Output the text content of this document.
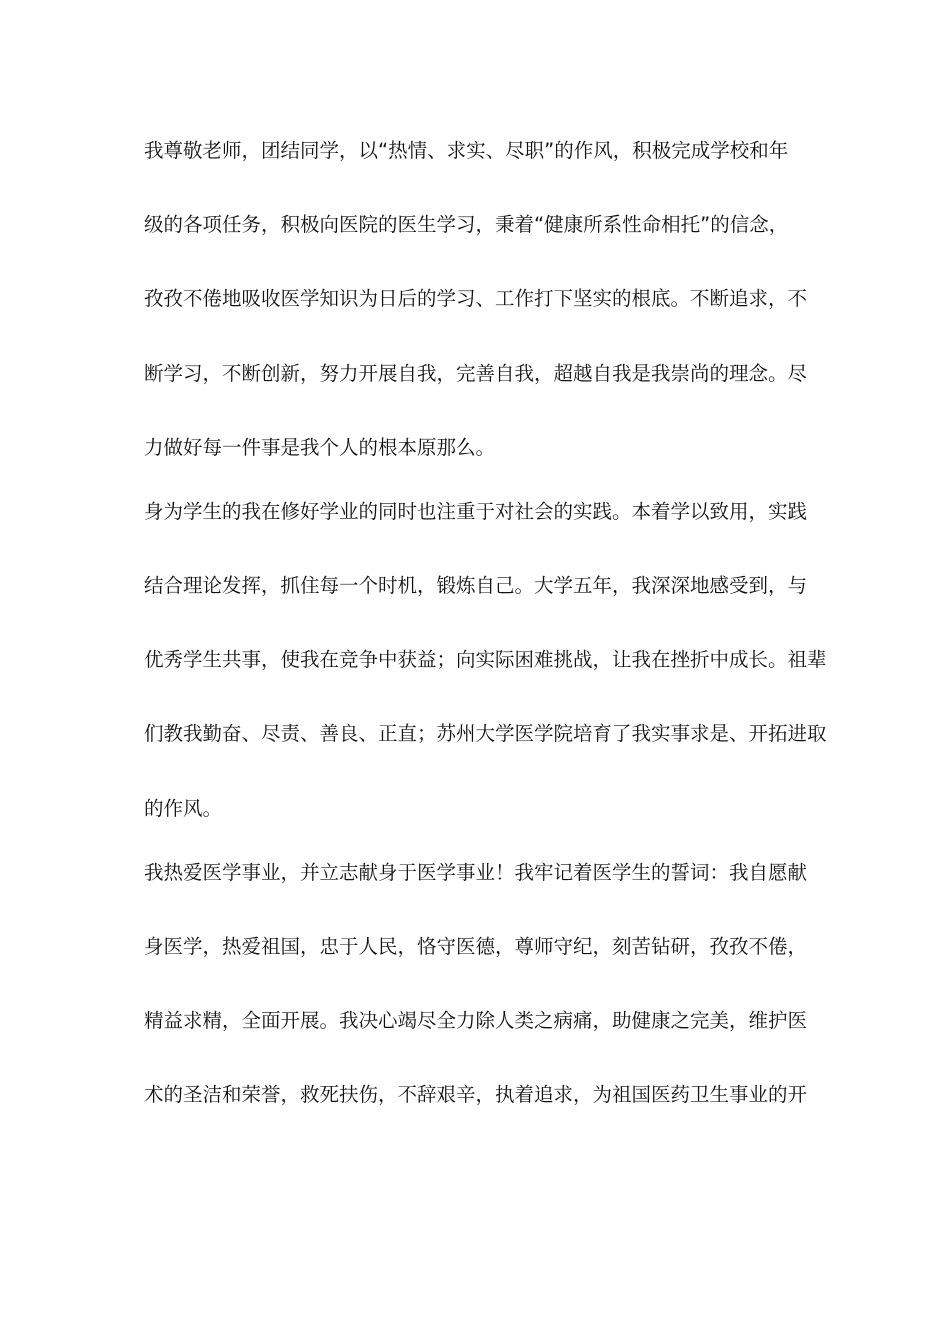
我尊敬老师，团结同学，以“热情、求实、尽职”的作风，积极完成学校和年
级的各项任务，积极向医院的医生学习，秉着“健康所系性命相托”的信念，
孜孜不倦地吸收医学知识为日后的学习、工作打下坚实的根底。不断追求，不
断学习，不断创新，努力开展自我，完善自我，超越自我是我崇尚的理念。尽
力做好每一件事是我个人的根本原那么。
身为学生的我在修好学业的同时也注重于对社会的实践。本着学以致用，实践
结合理论发挥，抓住每一个时机，锻炼自己。大学五年，我深深地感受到，与
优秀学生共事，使我在竞争中获益；向实际困难挑战，让我在挫折中成长。祖辈
们教我勤奋、尽责、善良、正直；苏州大学医学院培育了我实事求是、开拓进取
的作风。
我热爱医学事业，并立志献身于医学事业！我牢记着医学生的誓词：我自愿献
身医学，热爱祖国，忠于人民，恪守医德，尊师守纪，刻苦钻研，孜孜不倦，
精益求精，全面开展。我决心竭尽全力除人类之病痛，助健康之完美，维护医
术的圣洁和荣誉，救死扶伤，不辞艰辛，执着追求，为祖国医药卫生事业的开
